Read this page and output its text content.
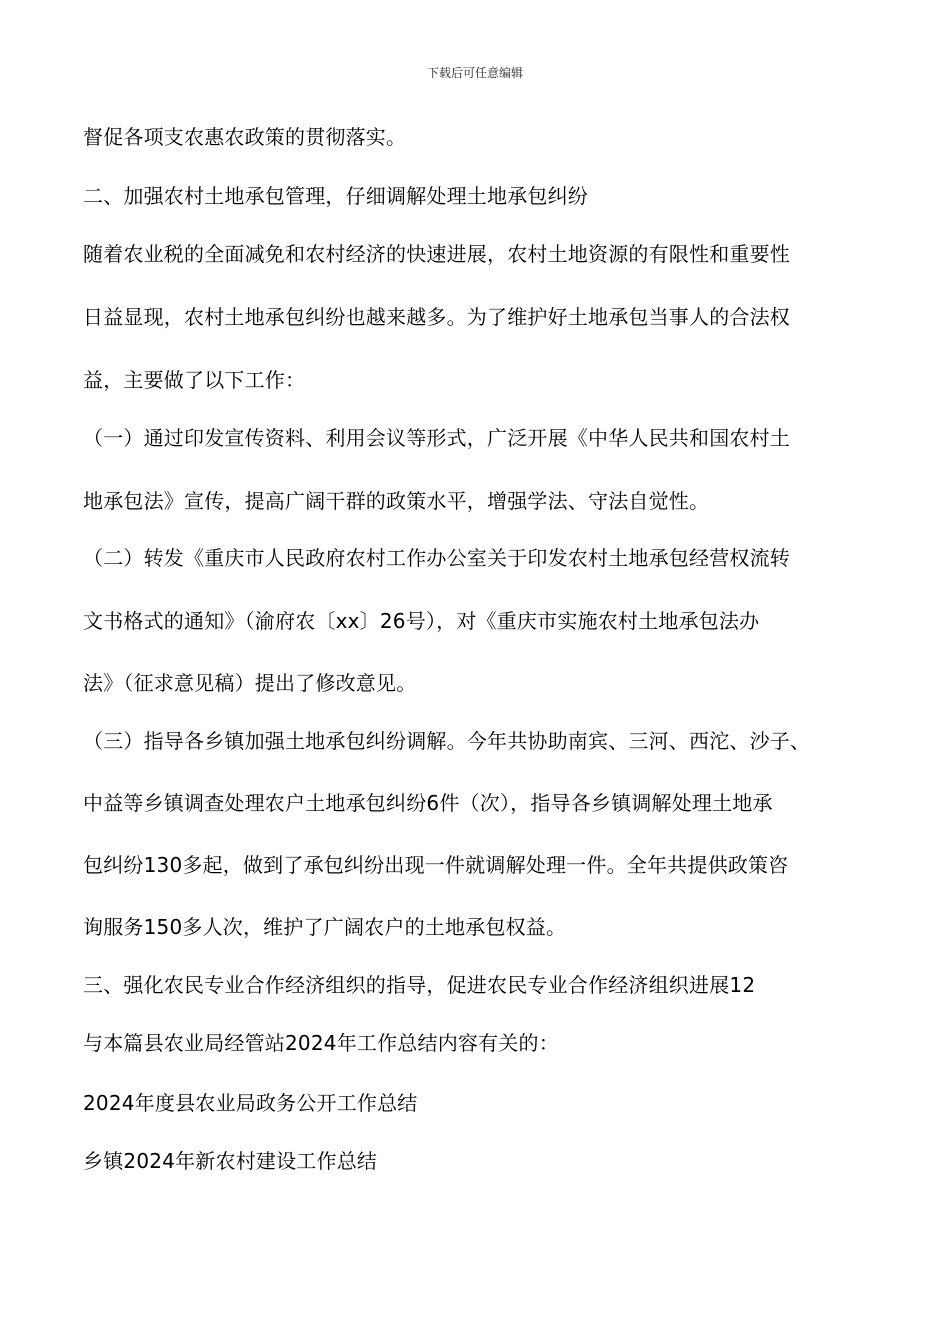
下载后可任意编辑
督促各项支农惠农政策的贯彻落实。
二、加强农村土地承包管理，仔细调解处理土地承包纠纷
随着农业税的全面减免和农村经济的快速进展，农村土地资源的有限性和重要性
日益显现，农村土地承包纠纷也越来越多。为了维护好土地承包当事人的合法权
益，主要做了以下工作：
（一）通过印发宣传资料、利用会议等形式，广泛开展《中华人民共和国农村土
地承包法》宣传，提高广阔干群的政策水平，增强学法、守法自觉性。
（二）转发《重庆市人民政府农村工作办公室关于印发农村土地承包经营权流转
文书格式的通知》（渝府农〔xx〕26号），对《重庆市实施农村土地承包法办
法》（征求意见稿）提出了修改意见。
（三）指导各乡镇加强土地承包纠纷调解。今年共协助南宾、三河、西沱、沙子、
中益等乡镇调查处理农户土地承包纠纷6件（次），指导各乡镇调解处理土地承
包纠纷130多起，做到了承包纠纷出现一件就调解处理一件。全年共提供政策咨
询服务150多人次，维护了广阔农户的土地承包权益。
三、强化农民专业合作经济组织的指导，促进农民专业合作经济组织进展12
与本篇县农业局经管站2024年工作总结内容有关的：
2024年度县农业局政务公开工作总结
乡镇2024年新农村建设工作总结
